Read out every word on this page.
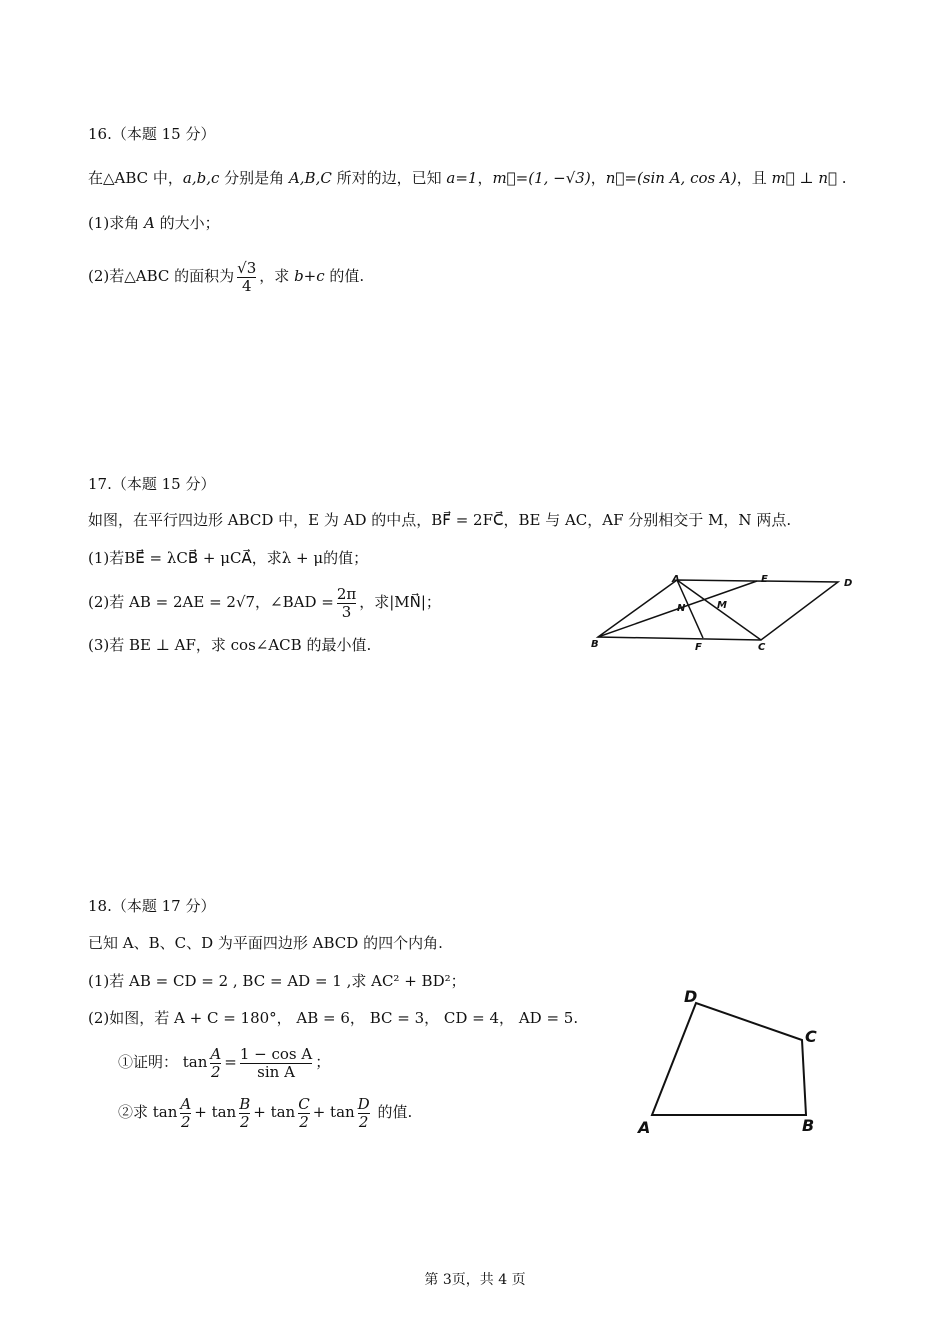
16.（本题 15 分）
在△ABC 中，a,b,c 分别是角 A,B,C 所对的边，已知 a=1，m⃗=(1, −√3)，n⃗=(sin A, cos A)，且 m⃗ ⊥ n⃗ .
(1)求角 A 的大小；
(2)若△ABC 的面积为 $\frac{√3}{4}$ ，求 b+c 的值.
17.（本题 15 分）
如图，在平行四边形 ABCD 中，E 为 AD 的中点，BF⃗ = 2FC⃗，BE 与 AC，AF 分别相交于 M，N 两点.
(1)若BE⃗ = λCB⃗ + μCA⃗，求λ + μ的值；
(2)若 AB = 2AE = 2√7，∠BAD = $\frac{2\pi}{3}$ ，求|MN⃗|；
(3)若 BE ⊥ AF，求 cos∠ACB 的最小值.
A
B	C
D
E
F
M
N
18.（本题 17 分）
已知 A、B、C、D 为平面四边形 ABCD 的四个内角.
(1)若 AB = CD = 2 , BC = AD = 1 ,求 AC² + BD²；
(2)如图，若 A + C = 180°， AB = 6， BC = 3， CD = 4， AD = 5.
①证明： $\tan \frac{A}{2} = \frac{\text{1 − cos A}}{\text{sin A}}$ ；
②求 $\tan \frac{A}{2} + \tan \frac{B}{2} + \tan \frac{C}{2} + \tan \frac{D}{2}$ 的值.
A	B
C
D
第 3页，共 4 页
